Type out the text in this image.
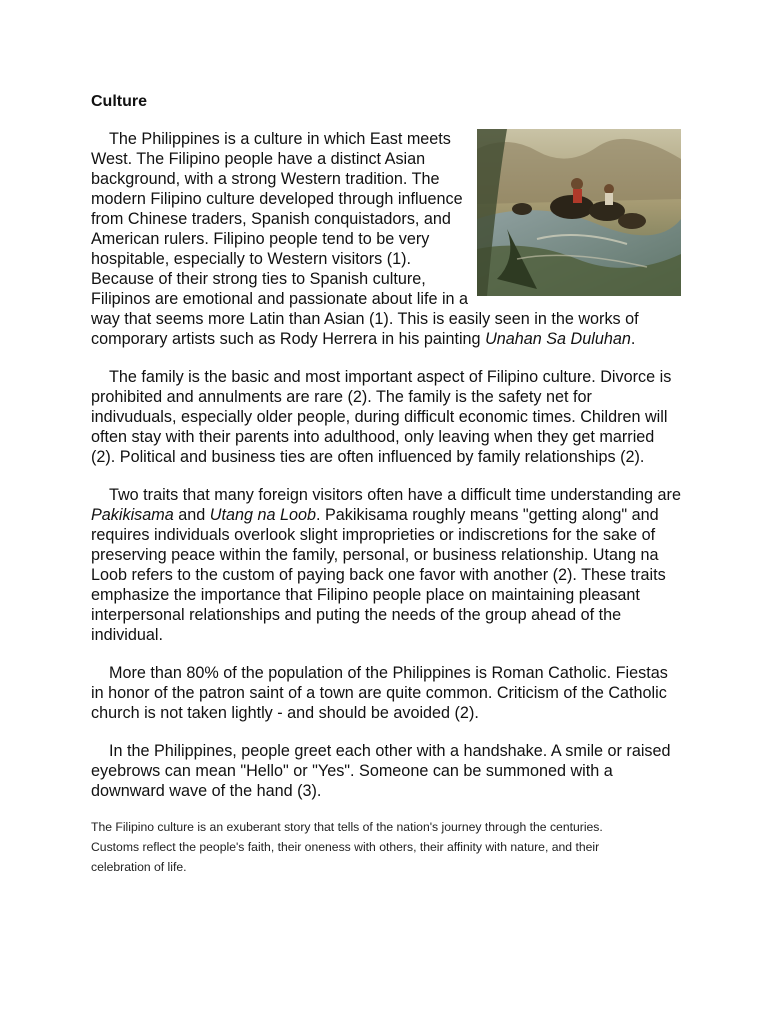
Culture

The Philippines is a culture in which East meets West. The Filipino people have a distinct Asian background, with a strong Western tradition. The modern Filipino culture developed through influence from Chinese traders, Spanish conquistadors, and American rulers. Filipino people tend to be very hospitable, especially to Western visitors (1). Because of their strong ties to Spanish culture, Filipinos are emotional and passionate about life in a way that seems more Latin than Asian (1). This is easily seen in the works of comporary artists such as Rody Herrera in his painting Unahan Sa Duluhan.

The family is the basic and most important aspect of Filipino culture. Divorce is prohibited and annulments are rare (2). The family is the safety net for indivuduals, especially older people, during difficult economic times. Children will often stay with their parents into adulthood, only leaving when they get married (2). Political and business ties are often influenced by family relationships (2).

Two traits that many foreign visitors often have a difficult time understanding are Pakikisama and Utang na Loob. Pakikisama roughly means "getting along" and requires individuals overlook slight improprieties or indiscretions for the sake of preserving peace within the family, personal, or business relationship. Utang na Loob refers to the custom of paying back one favor with another (2). These traits emphasize the importance that Filipino people place on maintaining pleasant interpersonal relationships and puting the needs of the group ahead of the individual.

More than 80% of the population of the Philippines is Roman Catholic. Fiestas in honor of the patron saint of a town are quite common. Criticism of the Catholic church is not taken lightly - and should be avoided (2).

In the Philippines, people greet each other with a handshake. A smile or raised eyebrows can mean "Hello" or "Yes". Someone can be summoned with a downward wave of the hand (3).

The Filipino culture is an exuberant story that tells of the nation's journey through the centuries.
Customs reflect the people's faith, their oneness with others, their affinity with nature, and their
celebration of life.
